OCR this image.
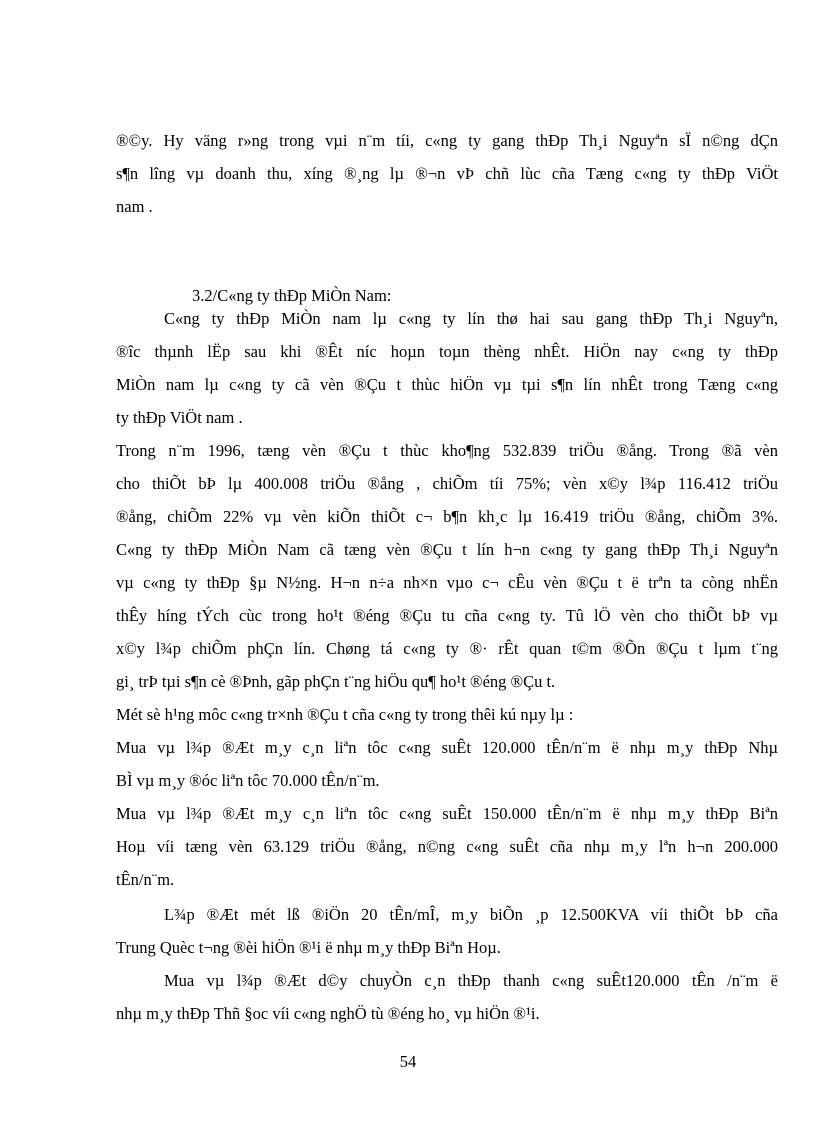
®©y. Hy väng r»ng trong vµi n¨m tíi, c«ng ty gang thÐp Th¸i Nguyªn sÏ n©ng dÇn
s¶n lîng vµ doanh thu, xíng ®¸ng lµ ®¬n vÞ chñ lùc cña Tæng c«ng ty thÐp ViÖt
nam .

3.2/C«ng ty thÐp MiÒn Nam:

C«ng ty thÐp MiÒn nam lµ c«ng ty lín thø hai sau gang thÐp Th¸i Nguyªn,
®îc thµnh lËp sau khi ®Êt níc hoµn toµn thèng nhÊt. HiÖn nay c«ng ty thÐp
MiÒn nam lµ c«ng ty cã vèn ®Çu t thùc hiÖn vµ tµi s¶n lín nhÊt trong Tæng c«ng
ty thÐp ViÖt nam .

Trong n¨m 1996, tæng vèn ®Çu t thùc kho¶ng 532.839 triÖu ®ång. Trong ®ã vèn
cho thiÕt bÞ lµ 400.008 triÖu ®ång , chiÕm tíi 75%; vèn x©y l¾p 116.412 triÖu
®ång, chiÕm 22% vµ vèn kiÕn thiÕt c¬ b¶n kh¸c lµ 16.419 triÖu ®ång, chiÕm 3%.
C«ng ty thÐp MiÒn Nam cã tæng vèn ®Çu t lín h¬n c«ng ty gang thÐp Th¸i Nguyªn
vµ c«ng ty thÐp §µ N½ng. H¬n n÷a nh×n vµo c¬ cÊu vèn ®Çu t ë trªn ta còng nhËn
thÊy híng tÝch cùc trong ho¹t ®éng ®Çu tu cña c«ng ty. Tû lÖ vèn cho thiÕt bÞ vµ
x©y l¾p chiÕm phÇn lín. Chøng tá c«ng ty ®· rÊt quan t©m ®Õn ®Çu t lµm t¨ng
gi¸ trÞ tµi s¶n cè ®Þnh, gãp phÇn t¨ng hiÖu qu¶ ho¹t ®éng ®Çu t.

Mét sè h¹ng môc c«ng tr×nh ®Çu t cña c«ng ty trong thêi kú nµy lµ :

Mua vµ l¾p ®Æt m¸y c¸n liªn tôc c«ng suÊt 120.000 tÊn/n¨m ë nhµ m¸y thÐp Nhµ
BÌ vµ m¸y ®óc liªn tôc 70.000 tÊn/n¨m.

Mua vµ l¾p ®Æt m¸y c¸n liªn tôc c«ng suÊt 150.000 tÊn/n¨m ë nhµ m¸y thÐp Biªn
Hoµ víi tæng vèn 63.129 triÖu ®ång, n©ng c«ng suÊt cña nhµ m¸y lªn h¬n 200.000
tÊn/n¨m.

L¾p ®Æt mét lß ®iÖn 20 tÊn/mÎ, m¸y biÕn ¸p 12.500KVA víi thiÕt bÞ cña
Trung Quèc t¬ng ®èi hiÖn ®¹i ë nhµ m¸y thÐp Biªn Hoµ.

Mua vµ l¾p ®Æt d©y chuyÒn c¸n thÐp thanh c«ng suÊt120.000 tÊn /n¨m ë
nhµ m¸y thÐp Thñ §oc víi c«ng nghÖ tù ®éng ho¸ vµ hiÖn ®¹i.

54
